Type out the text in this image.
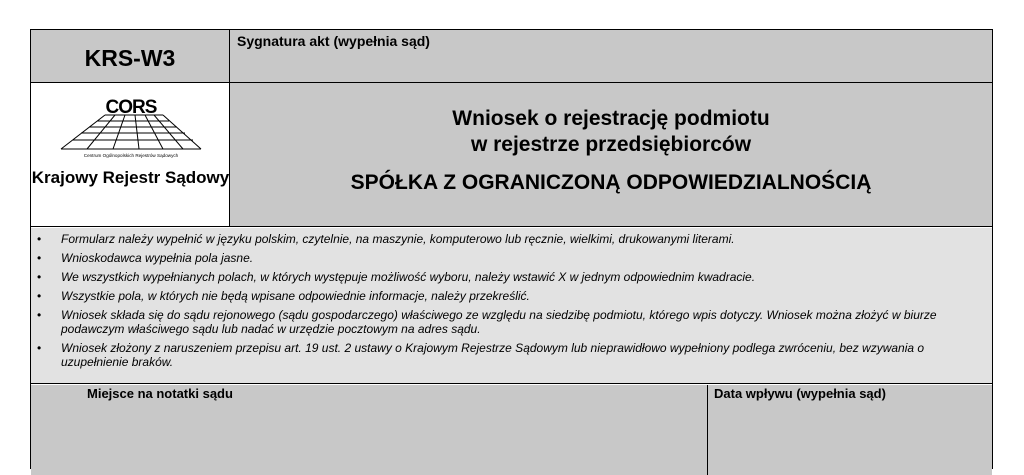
KRS-W3
Sygnatura akt (wypełnia sąd)
CORS
Centrum Ogólnopolskich Rejestrów Sądowych
Krajowy Rejestr Sądowy
Wniosek o rejestrację podmiotu
w rejestrze przedsiębiorców
SPÓŁKA Z OGRANICZONĄ ODPOWIEDZIALNOŚCIĄ
• Formularz należy wypełnić w języku polskim, czytelnie, na maszynie, komputerowo lub ręcznie, wielkimi, drukowanymi literami.
• Wnioskodawca wypełnia pola jasne.
• We wszystkich wypełnianych polach, w których występuje możliwość wyboru, należy wstawić X w jednym odpowiednim kwadracie.
• Wszystkie pola, w których nie będą wpisane odpowiednie informacje, należy przekreślić.
• Wniosek składa się do sądu rejonowego (sądu gospodarczego) właściwego ze względu na siedzibę podmiotu, którego wpis dotyczy. Wniosek można złożyć w biurze podawczym właściwego sądu lub nadać w urzędzie pocztowym na adres sądu.
• Wniosek złożony z naruszeniem przepisu art. 19 ust. 2 ustawy o Krajowym Rejestrze Sądowym lub nieprawidłowo wypełniony podlega zwróceniu, bez wzywania o uzupełnienie braków.
Miejsce na notatki sądu	Data wpływu (wypełnia sąd)
